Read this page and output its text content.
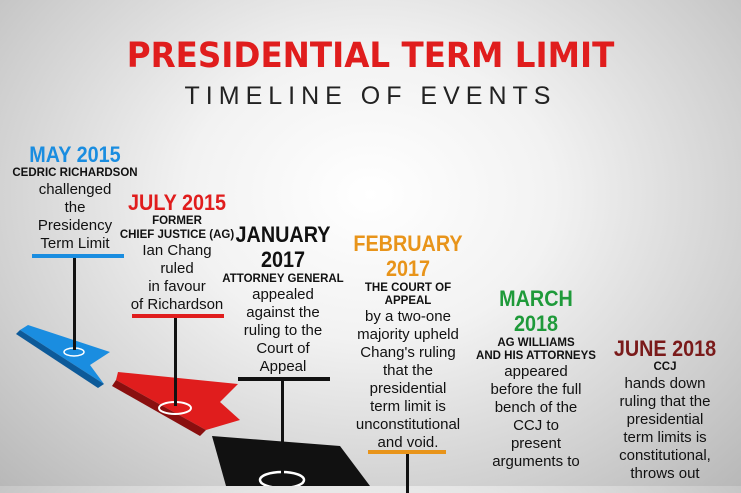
PRESIDENTIAL TERM LIMIT
TIMELINE OF EVENTS
MAY 2015
CEDRIC RICHARDSON
challenged
the
Presidency
Term Limit
JULY 2015
FORMER
CHIEF JUSTICE (AG)
Ian Chang
ruled
in favour
of Richardson
JANUARY
2017
ATTORNEY GENERAL
appealed
against the
ruling to the
Court of
Appeal
FEBRUARY
2017
THE COURT OF APPEAL
by a two-one
majority upheld
Chang's ruling
that the
presidential
term limit is
unconstitutional
and void.
MARCH
2018
AG WILLIAMS
AND HIS ATTORNEYS
appeared
before the full
bench of the
CCJ to
present
arguments to
JUNE 2018
CCJ
hands down
ruling that the
presidential
term limits is
constitutional,
throws out
